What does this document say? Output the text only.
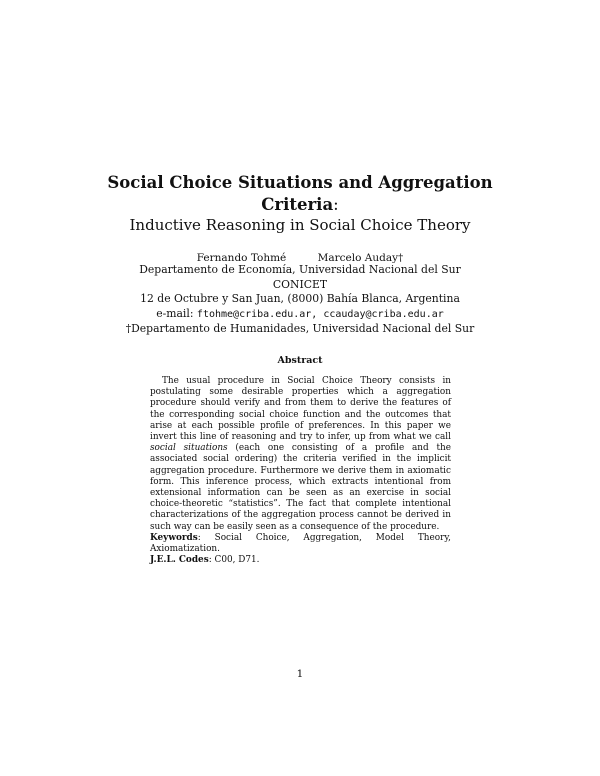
Social Choice Situations and Aggregation Criteria:
Inductive Reasoning in Social Choice Theory
Fernando Tohmé	Marcelo Auday†
Departamento de Economía, Universidad Nacional del Sur
CONICET
12 de Octubre y San Juan, (8000) Bahía Blanca, Argentina
e-mail: ftohme@criba.edu.ar, ccauday@criba.edu.ar
†Departamento de Humanidades, Universidad Nacional del Sur
Abstract

The usual procedure in Social Choice Theory consists in postulating some desirable properties which a aggregation procedure should verify and from them to derive the features of the corresponding social choice function and the outcomes that arise at each possible profile of preferences. In this paper we invert this line of reasoning and try to infer, up from what we call social situations (each one consisting of a profile and the associated social ordering) the criteria verified in the implicit aggregation procedure. Furthermore we derive them in axiomatic form. This inference process, which extracts intentional from extensional information can be seen as an exercise in social choice-theoretic “statistics”. The fact that complete intentional characterizations of the aggregation process cannot be derived in such way can be easily seen as a consequence of the procedure.

Keywords: Social Choice, Aggregation, Model Theory, Axiomatization.
J.E.L. Codes: C00, D71.
1
